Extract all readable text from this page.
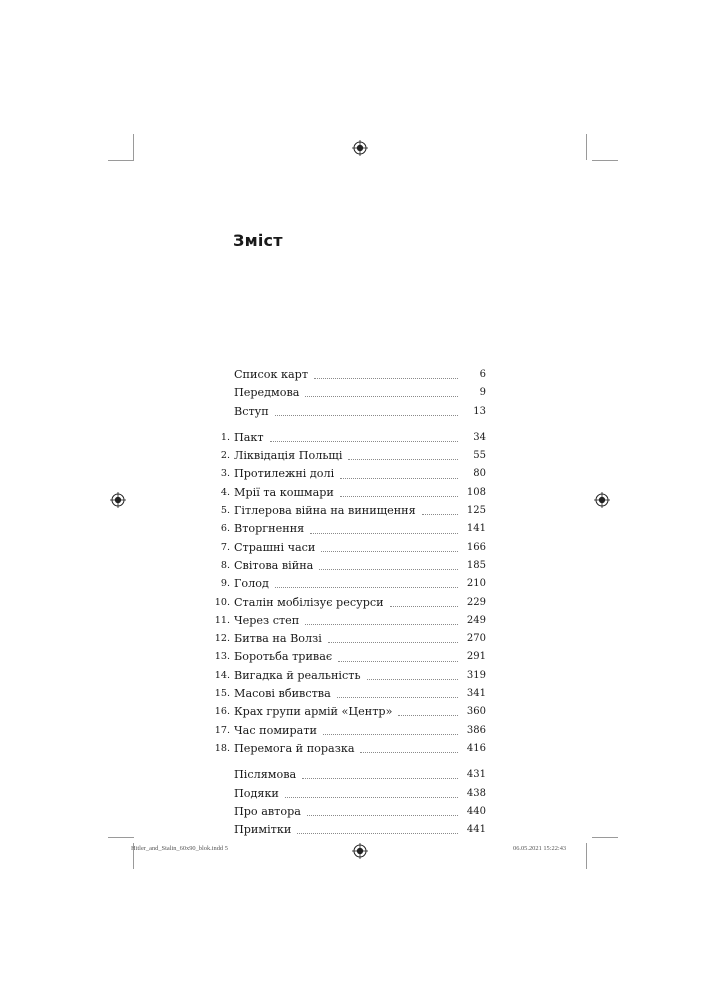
Зміст
Список карт	6
Передмова	9
Вступ	13
1. Пакт	34
2. Ліквідація Польщі	55
3. Протилежні долі	80
4. Мрії та кошмари	108
5. Гітлерова війна на винищення	125
6. Вторгнення	141
7. Страшні часи	166
8. Світова війна	185
9. Голод	210
10. Сталін мобілізує ресурси	229
11. Через степ	249
12. Битва на Волзі	270
13. Боротьба триває	291
14. Вигадка й реальність	319
15. Масові вбивства	341
16. Крах групи армій «Центр»	360
17. Час помирати	386
18. Перемога й поразка	416
Післямова	431
Подяки	438
Про автора	440
Примітки	441
Hitler_and_Stalin_60x90_blok.indd 5	06.05.2021 15:22:43
